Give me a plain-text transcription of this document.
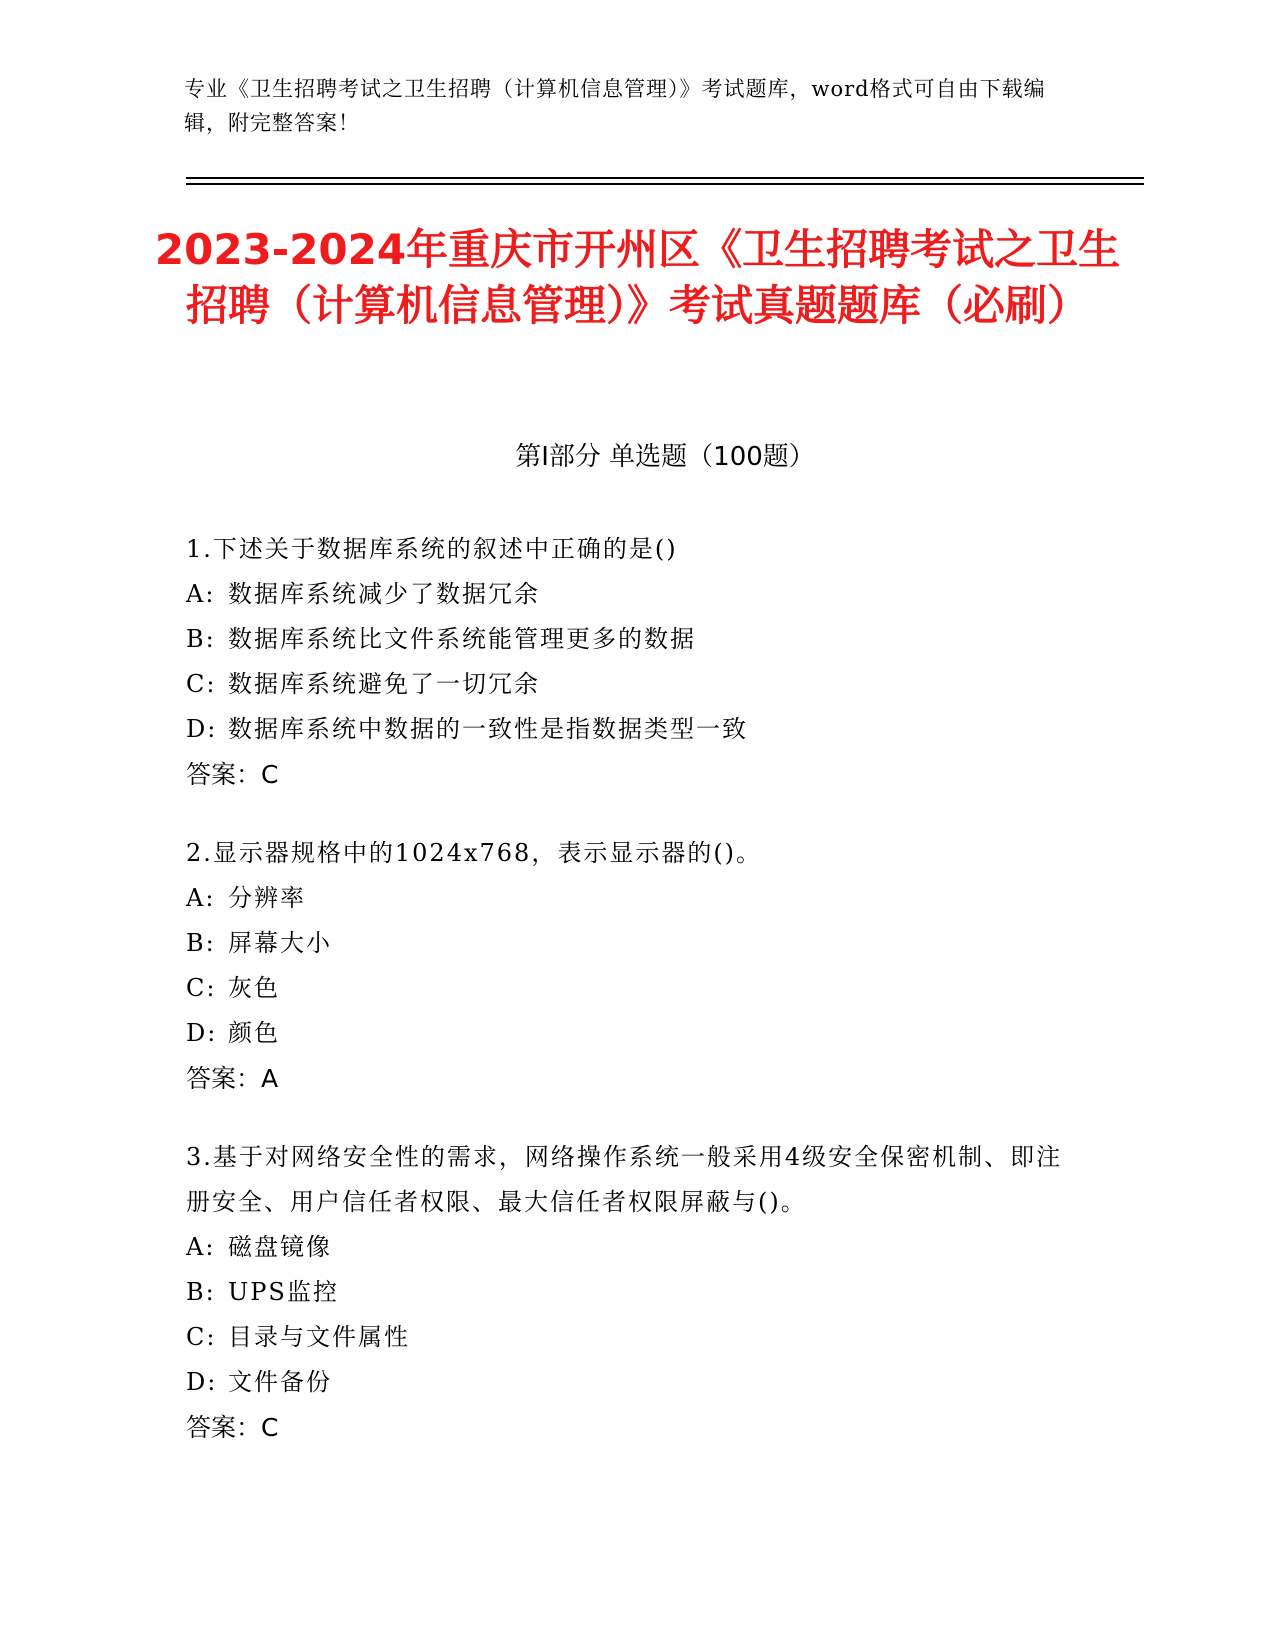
专业《卫生招聘考试之卫生招聘（计算机信息管理）》考试题库，word格式可自由下载编辑，附完整答案！
2023-2024年重庆市开州区《卫生招聘考试之卫生招聘（计算机信息管理）》考试真题题库（必刷）
第Ⅰ部分 单选题（100题）

1.下述关于数据库系统的叙述中正确的是()

A: 数据库系统减少了数据冗余

B: 数据库系统比文件系统能管理更多的数据

C: 数据库系统避免了一切冗余

D: 数据库系统中数据的一致性是指数据类型一致

答案：C

2.显示器规格中的1024x768，表示显示器的()。

A: 分辨率

B: 屏幕大小

C: 灰色

D: 颜色

答案：A

3.基于对网络安全性的需求，网络操作系统一般采用4级安全保密机制、即注册安全、用户信任者权限、最大信任者权限屏蔽与()。

A: 磁盘镜像

B: UPS监控

C: 目录与文件属性

D: 文件备份

答案：C
